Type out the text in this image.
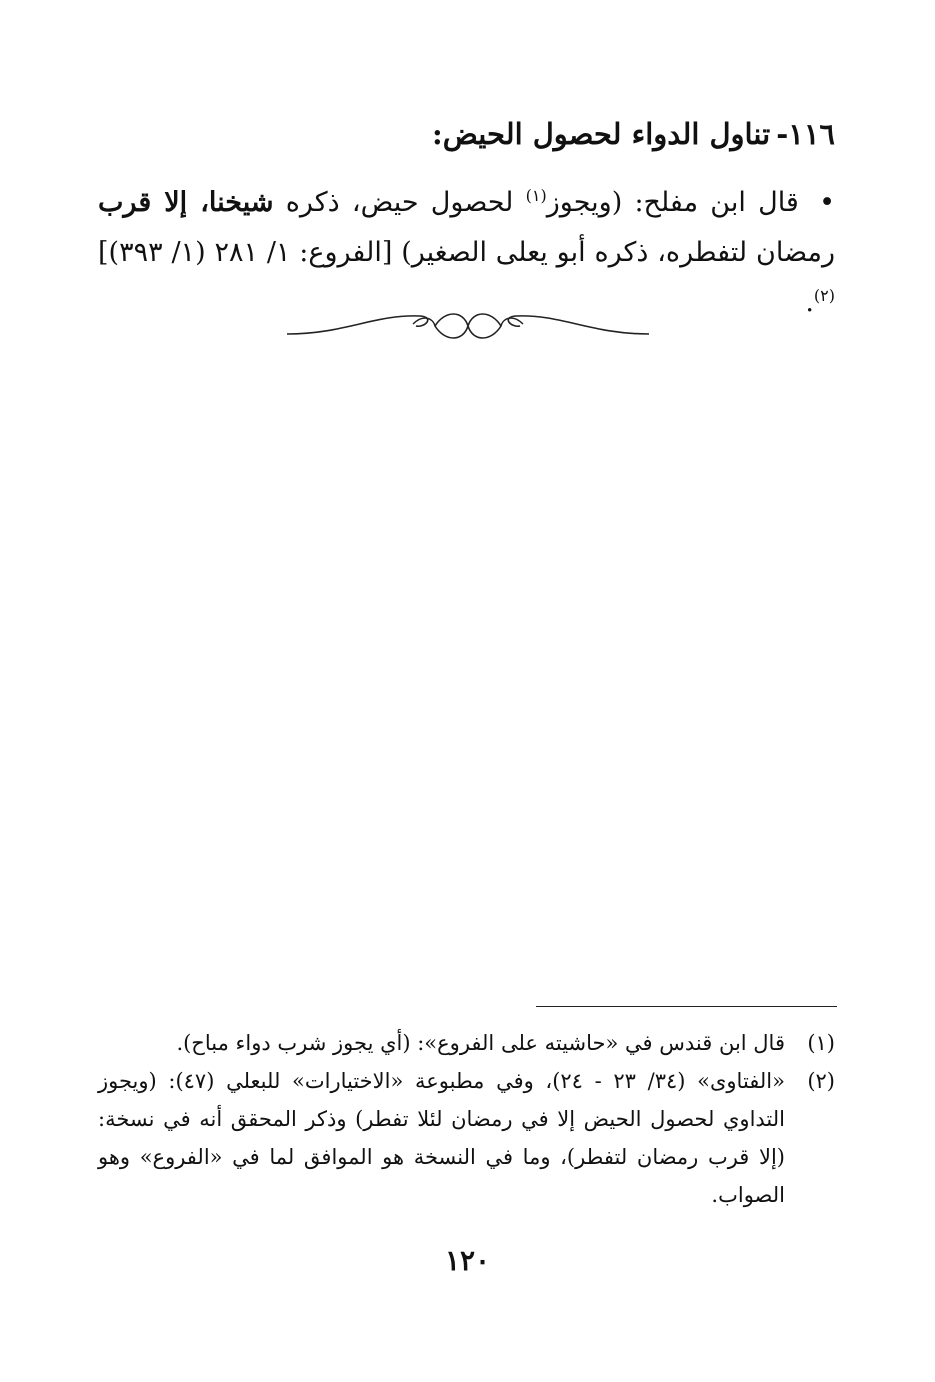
١١٦-تناول الدواء لحصول الحيض:
• قال ابن مفلح: (ويجوز$^{(١)}$ لحصول حيض، ذكره شيخنا، إلا قرب رمضان لتفطره، ذكره أبو يعلى الصغير) [الفروع: ١/ ٢٨١ (١/ ٣٩٣)]$^{(٢)}$.
(١)
قال ابن قندس في «حاشيته على الفروع»: (أي يجوز شرب دواء مباح).
(٢)
«الفتاوى» (٣٤/ ٢٣ - ٢٤)، وفي مطبوعة «الاختيارات» للبعلي (٤٧): (ويجوز التداوي لحصول الحيض إلا في رمضان لئلا تفطر) وذكر المحقق أنه في نسخة: (إلا قرب رمضان لتفطر)، وما في النسخة هو الموافق لما في «الفروع» وهو الصواب.
١٢٠
